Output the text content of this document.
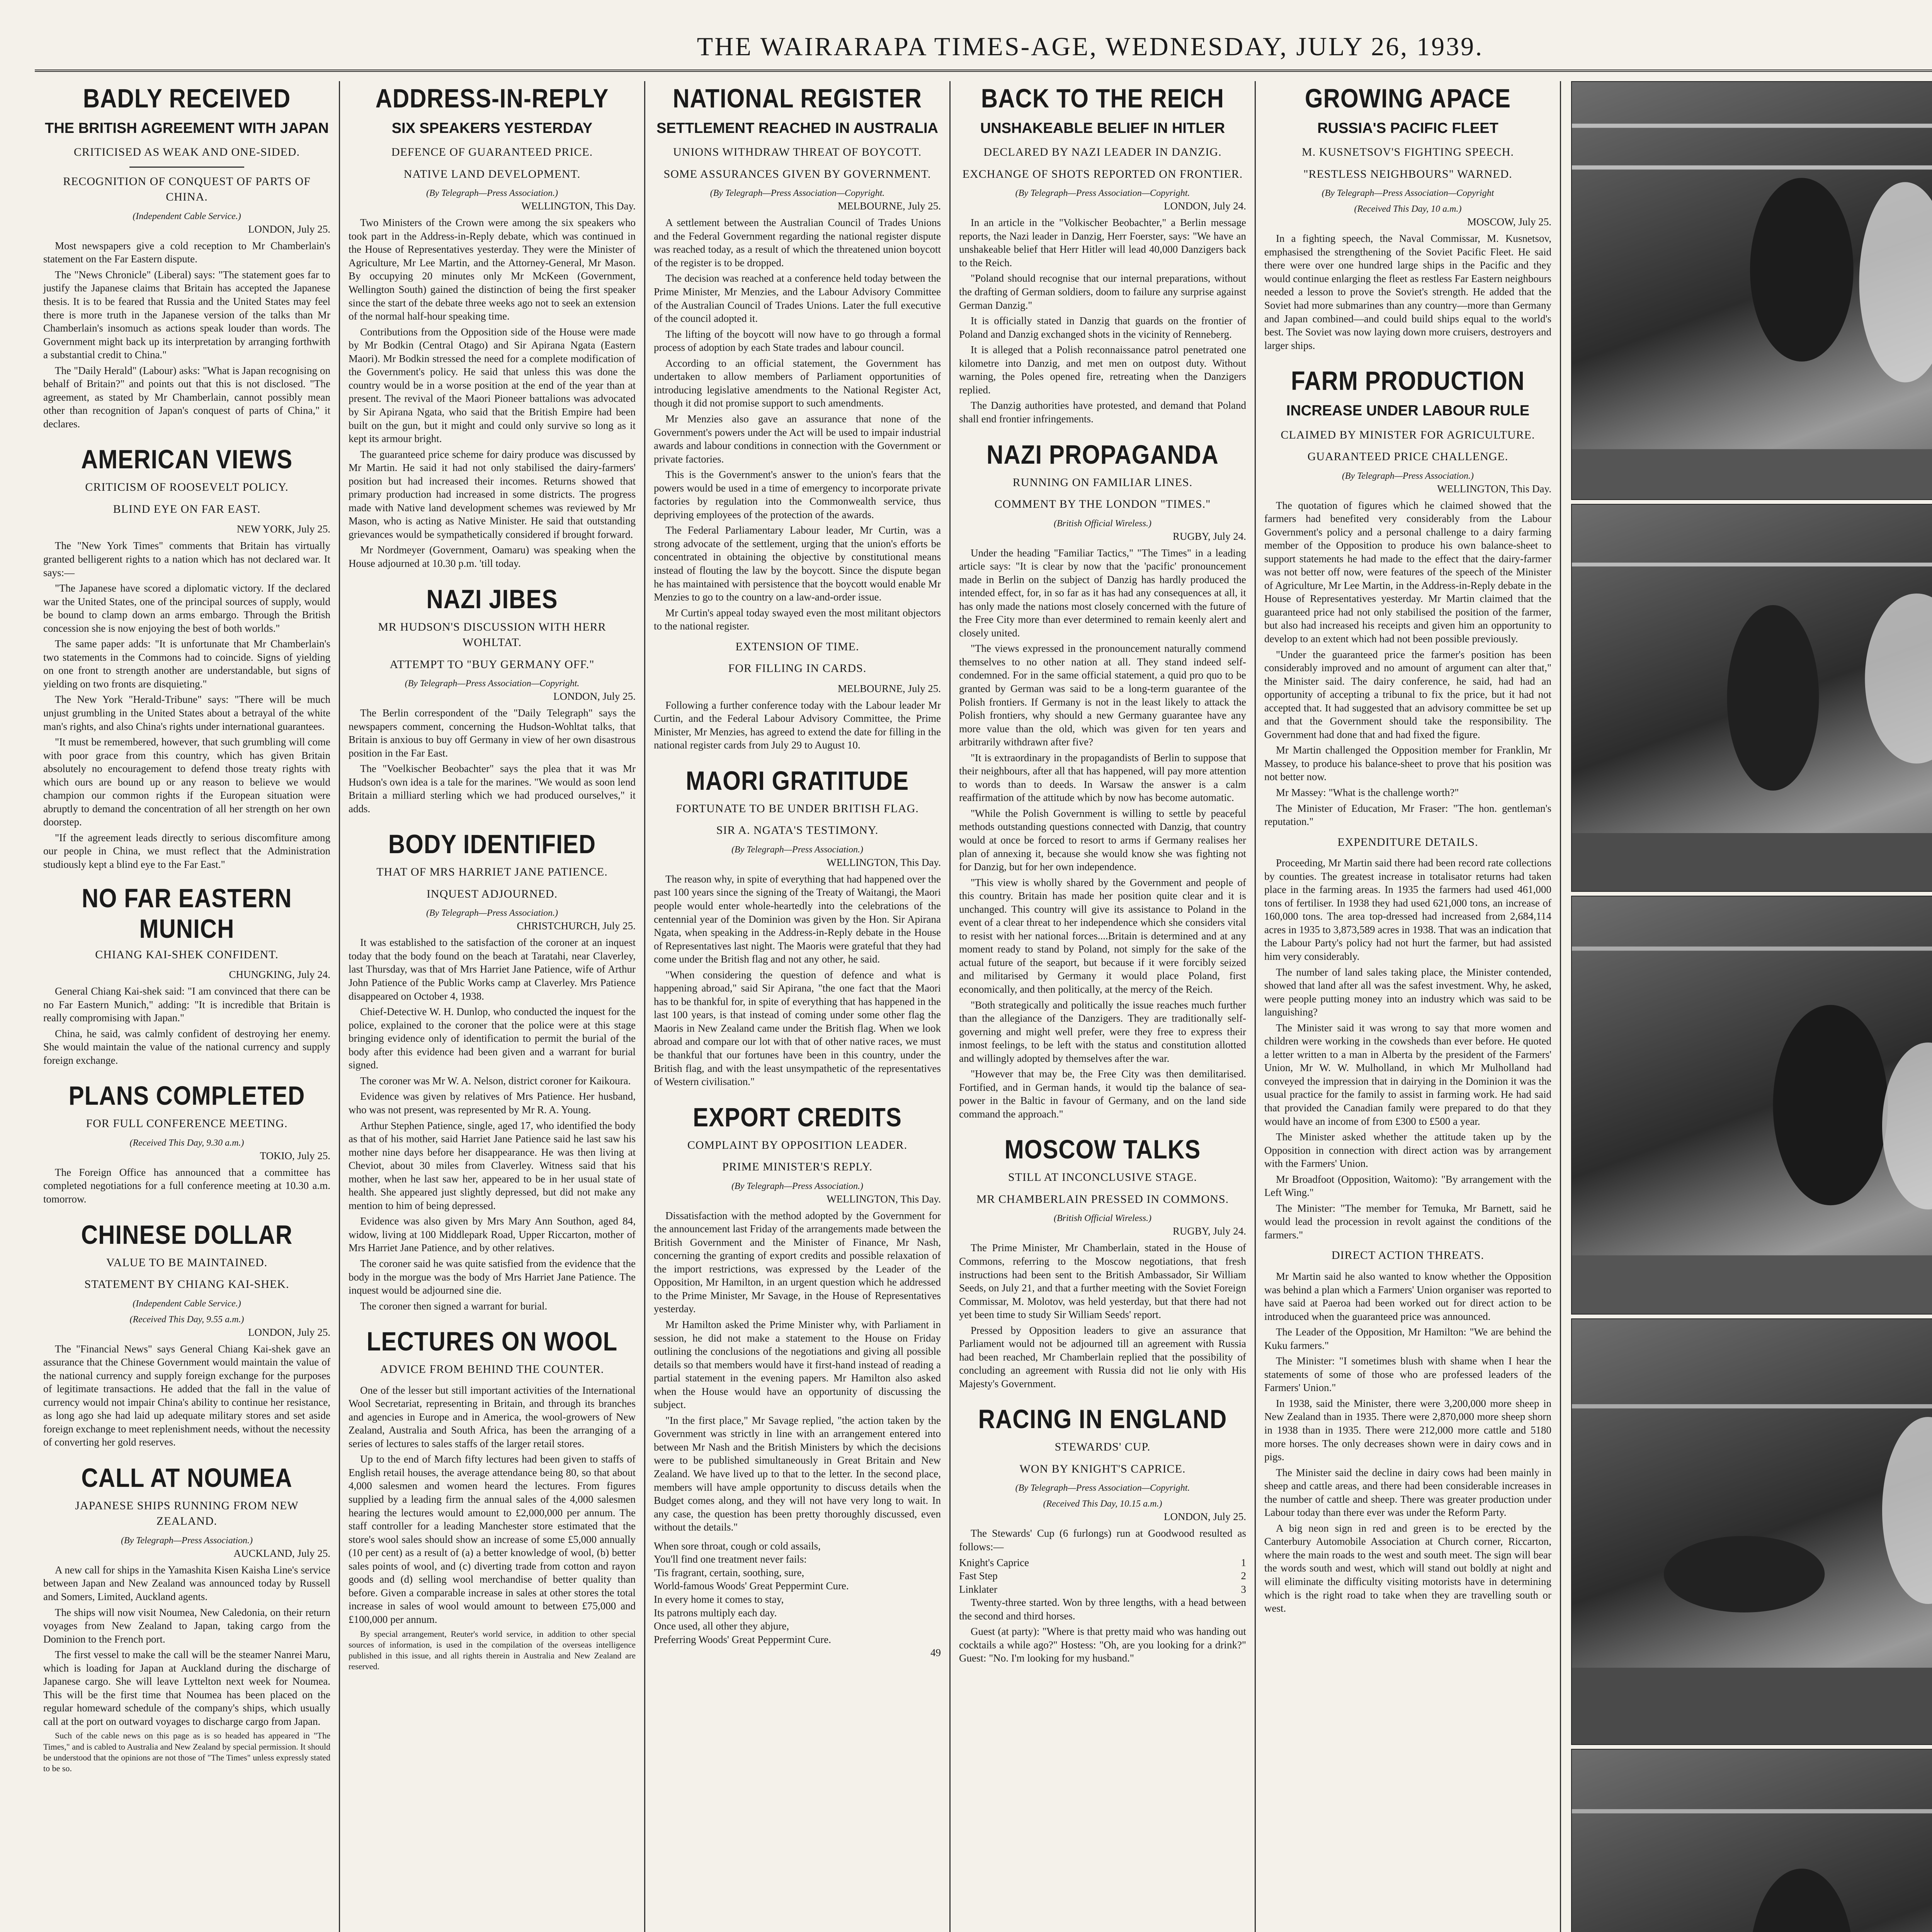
THE WAIRARAPA TIMES-AGE, WEDNESDAY, JULY 26, 1939.
BADLY RECEIVED
THE BRITISH AGREEMENT WITH JAPAN
CRITICISED AS WEAK AND ONE-SIDED.
RECOGNITION OF CONQUEST OF PARTS OF CHINA.
(Independent Cable Service.)
LONDON, July 25.

Most newspapers give a cold reception to Mr Chamberlain's statement on the Far Eastern dispute.

The "News Chronicle" (Liberal) says: "The statement goes far to justify the Japanese claims that Britain has accepted the Japanese thesis. It is to be feared that Russia and the United States may feel there is more truth in the Japanese version of the talks than Mr Chamberlain's insomuch as actions speak louder than words. The Government might back up its interpretation by arranging forthwith a substantial credit to China."

The "Daily Herald" (Labour) asks: "What is Japan recognising on behalf of Britain?" and points out that this is not disclosed. "The agreement, as stated by Mr Chamberlain, cannot possibly mean other than recognition of Japan's conquest of parts of China," it declares.

AMERICAN VIEWS
CRITICISM OF ROOSEVELT POLICY.
BLIND EYE ON FAR EAST.
NEW YORK, July 25.

The "New York Times" comments that Britain has virtually granted belligerent rights to a nation which has not declared war. It says:—

"The Japanese have scored a diplomatic victory. If the declared war the United States, one of the principal sources of supply, would be bound to clamp down an arms embargo. Through the British concession she is now enjoying the best of both worlds."

The same paper adds: "It is unfortunate that Mr Chamberlain's two statements in the Commons had to coincide. Signs of yielding on one front to strength another are understandable, but signs of yielding on two fronts are disquieting."

The New York "Herald-Tribune" says: "There will be much unjust grumbling in the United States about a betrayal of the white man's rights, and also China's rights under international guarantees.

"It must be remembered, however, that such grumbling will come with poor grace from this country, which has given Britain absolutely no encouragement to defend those treaty rights with which ours are bound up or any reason to believe we would champion our common rights if the European situation were abruptly to demand the concentration of all her strength on her own doorstep.

"If the agreement leads directly to serious discomfiture among our people in China, we must reflect that the Administration studiously kept a blind eye to the Far East."

NO FAR EASTERN MUNICH
CHIANG KAI-SHEK CONFIDENT.
CHUNGKING, July 24.

General Chiang Kai-shek said: "I am convinced that there can be no Far Eastern Munich," adding: "It is incredible that Britain is really compromising with Japan."

China, he said, was calmly confident of destroying her enemy. She would maintain the value of the national currency and supply foreign exchange.

PLANS COMPLETED
FOR FULL CONFERENCE MEETING.
(Received This Day, 9.30 a.m.)
TOKIO, July 25.

The Foreign Office has announced that a committee has completed negotiations for a full conference meeting at 10.30 a.m. tomorrow.

CHINESE DOLLAR
VALUE TO BE MAINTAINED.
STATEMENT BY CHIANG KAI-SHEK.
(Independent Cable Service.)
(Received This Day, 9.55 a.m.)
LONDON, July 25.

The "Financial News" says General Chiang Kai-shek gave an assurance that the Chinese Government would maintain the value of the national currency and supply foreign exchange for the purposes of legitimate transactions. He added that the fall in the value of currency would not impair China's ability to continue her resistance, as long ago she had laid up adequate military stores and set aside foreign exchange to meet replenishment needs, without the necessity of converting her gold reserves.

CALL AT NOUMEA
JAPANESE SHIPS RUNNING FROM NEW ZEALAND.
(By Telegraph—Press Association.)
AUCKLAND, July 25.

A new call for ships in the Yamashita Kisen Kaisha Line's service between Japan and New Zealand was announced today by Russell and Somers, Limited, Auckland agents.

The ships will now visit Noumea, New Caledonia, on their return voyages from New Zealand to Japan, taking cargo from the Dominion to the French port.

The first vessel to make the call will be the steamer Nanrei Maru, which is loading for Japan at Auckland during the discharge of Japanese cargo. She will leave Lyttelton next week for Noumea. This will be the first time that Noumea has been placed on the regular homeward schedule of the company's ships, which usually call at the port on outward voyages to discharge cargo from Japan.

Such of the cable news on this page as is so headed has appeared in "The Times," and is cabled to Australia and New Zealand by special permission. It should be understood that the opinions are not those of "The Times" unless expressly stated to be so.

ADDRESS-IN-REPLY
SIX SPEAKERS YESTERDAY
DEFENCE OF GUARANTEED PRICE.
NATIVE LAND DEVELOPMENT.
(By Telegraph—Press Association.)
WELLINGTON, This Day.

Two Ministers of the Crown were among the six speakers who took part in the Address-in-Reply debate, which was continued in the House of Representatives yesterday. They were the Minister of Agriculture, Mr Lee Martin, and the Attorney-General, Mr Mason. By occupying 20 minutes only Mr McKeen (Government, Wellington South) gained the distinction of being the first speaker since the start of the debate three weeks ago not to seek an extension of the normal half-hour speaking time.

Contributions from the Opposition side of the House were made by Mr Bodkin (Central Otago) and Sir Apirana Ngata (Eastern Maori). Mr Bodkin stressed the need for a complete modification of the Government's policy. He said that unless this was done the country would be in a worse position at the end of the year than at present. The revival of the Maori Pioneer battalions was advocated by Sir Apirana Ngata, who said that the British Empire had been built on the gun, but it might and could only survive so long as it kept its armour bright.

The guaranteed price scheme for dairy produce was discussed by Mr Martin. He said it had not only stabilised the dairy-farmers' position but had increased their incomes. Returns showed that primary production had increased in some districts. The progress made with Native land development schemes was reviewed by Mr Mason, who is acting as Native Minister. He said that outstanding grievances would be sympathetically considered if brought forward.

Mr Nordmeyer (Government, Oamaru) was speaking when the House adjourned at 10.30 p.m. 'till today.

NAZI JIBES
MR HUDSON'S DISCUSSION WITH HERR WOHLTAT.
ATTEMPT TO "BUY GERMANY OFF."
(By Telegraph—Press Association—Copyright.
LONDON, July 25.

The Berlin correspondent of the "Daily Telegraph" says the newspapers comment, concerning the Hudson-Wohltat talks, that Britain is anxious to buy off Germany in view of her own disastrous position in the Far East.

The "Voelkischer Beobachter" says the plea that it was Mr Hudson's own idea is a tale for the marines. "We would as soon lend Britain a milliard sterling which we had produced ourselves," it adds.

BODY IDENTIFIED
THAT OF MRS HARRIET JANE PATIENCE.
INQUEST ADJOURNED.
(By Telegraph—Press Association.)
CHRISTCHURCH, July 25.

It was established to the satisfaction of the coroner at an inquest today that the body found on the beach at Taratahi, near Claverley, last Thursday, was that of Mrs Harriet Jane Patience, wife of Arthur John Patience of the Public Works camp at Claverley. Mrs Patience disappeared on October 4, 1938.

Chief-Detective W. H. Dunlop, who conducted the inquest for the police, explained to the coroner that the police were at this stage bringing evidence only of identification to permit the burial of the body after this evidence had been given and a warrant for burial signed.

The coroner was Mr W. A. Nelson, district coroner for Kaikoura.

Evidence was given by relatives of Mrs Patience. Her husband, who was not present, was represented by Mr R. A. Young.

Arthur Stephen Patience, single, aged 17, who identified the body as that of his mother, said Harriet Jane Patience said he last saw his mother nine days before her disappearance. He was then living at Cheviot, about 30 miles from Claverley. Witness said that his mother, when he last saw her, appeared to be in her usual state of health. She appeared just slightly depressed, but did not make any mention to him of being depressed.

Evidence was also given by Mrs Mary Ann Southon, aged 84, widow, living at 100 Middlepark Road, Upper Riccarton, mother of Mrs Harriet Jane Patience, and by other relatives.

The coroner said he was quite satisfied from the evidence that the body in the morgue was the body of Mrs Harriet Jane Patience. The inquest would be adjourned sine die.

The coroner then signed a warrant for burial.

LECTURES ON WOOL
ADVICE FROM BEHIND THE COUNTER.

One of the lesser but still important activities of the International Wool Secretariat, representing in Britain, and through its branches and agencies in Europe and in America, the wool-growers of New Zealand, Australia and South Africa, has been the arranging of a series of lectures to sales staffs of the larger retail stores.

Up to the end of March fifty lectures had been given to staffs of English retail houses, the average attendance being 80, so that about 4,000 salesmen and women heard the lectures. From figures supplied by a leading firm the annual sales of the 4,000 salesmen hearing the lectures would amount to £2,000,000 per annum. The staff controller for a leading Manchester store estimated that the store's wool sales should show an increase of some £5,000 annually (10 per cent) as a result of (a) a better knowledge of wool, (b) better sales points of wool, and (c) diverting trade from cotton and rayon goods and (d) selling wool merchandise of better quality than before. Given a comparable increase in sales at other stores the total increase in sales of wool would amount to between £75,000 and £100,000 per annum.

By special arrangement, Reuter's world service, in addition to other special sources of information, is used in the compilation of the overseas intelligence published in this issue, and all rights therein in Australia and New Zealand are reserved.

NATIONAL REGISTER
SETTLEMENT REACHED IN AUSTRALIA
UNIONS WITHDRAW THREAT OF BOYCOTT.
SOME ASSURANCES GIVEN BY GOVERNMENT.
(By Telegraph—Press Association—Copyright.
MELBOURNE, July 25.

A settlement between the Australian Council of Trades Unions and the Federal Government regarding the national register dispute was reached today, as a result of which the threatened union boycott of the register is to be dropped.

The decision was reached at a conference held today between the Prime Minister, Mr Menzies, and the Labour Advisory Committee of the Australian Council of Trades Unions. Later the full executive of the council adopted it.

The lifting of the boycott will now have to go through a formal process of adoption by each State trades and labour council.

According to an official statement, the Government has undertaken to allow members of Parliament opportunities of introducing legislative amendments to the National Register Act, though it did not promise support to such amendments.

Mr Menzies also gave an assurance that none of the Government's powers under the Act will be used to impair industrial awards and labour conditions in connection with the Government or private factories.

This is the Government's answer to the union's fears that the powers would be used in a time of emergency to incorporate private factories by regulation into the Commonwealth service, thus depriving employees of the protection of the awards.

The Federal Parliamentary Labour leader, Mr Curtin, was a strong advocate of the settlement, urging that the union's efforts be concentrated in obtaining the objective by constitutional means instead of flouting the law by the boycott. Since the dispute began he has maintained with persistence that the boycott would enable Mr Menzies to go to the country on a law-and-order issue.

Mr Curtin's appeal today swayed even the most militant objectors to the national register.

EXTENSION OF TIME.
FOR FILLING IN CARDS.
MELBOURNE, July 25.

Following a further conference today with the Labour leader Mr Curtin, and the Federal Labour Advisory Committee, the Prime Minister, Mr Menzies, has agreed to extend the date for filling in the national register cards from July 29 to August 10.

MAORI GRATITUDE
FORTUNATE TO BE UNDER BRITISH FLAG.
SIR A. NGATA'S TESTIMONY.
(By Telegraph—Press Association.)
WELLINGTON, This Day.

The reason why, in spite of everything that had happened over the past 100 years since the signing of the Treaty of Waitangi, the Maori people would enter whole-heartedly into the celebrations of the centennial year of the Dominion was given by the Hon. Sir Apirana Ngata, when speaking in the Address-in-Reply debate in the House of Representatives last night. The Maoris were grateful that they had come under the British flag and not any other, he said.

"When considering the question of defence and what is happening abroad," said Sir Apirana, "the one fact that the Maori has to be thankful for, in spite of everything that has happened in the last 100 years, is that instead of coming under some other flag the Maoris in New Zealand came under the British flag. When we look abroad and compare our lot with that of other native races, we must be thankful that our fortunes have been in this country, under the British flag, and with the least unsympathetic of the representatives of Western civilisation."

EXPORT CREDITS
COMPLAINT BY OPPOSITION LEADER.
PRIME MINISTER'S REPLY.
(By Telegraph—Press Association.)
WELLINGTON, This Day.

Dissatisfaction with the method adopted by the Government for the announcement last Friday of the arrangements made between the British Government and the Minister of Finance, Mr Nash, concerning the granting of export credits and possible relaxation of the import restrictions, was expressed by the Leader of the Opposition, Mr Hamilton, in an urgent question which he addressed to the Prime Minister, Mr Savage, in the House of Representatives yesterday.

Mr Hamilton asked the Prime Minister why, with Parliament in session, he did not make a statement to the House on Friday outlining the conclusions of the negotiations and giving all possible details so that members would have it first-hand instead of reading a partial statement in the evening papers. Mr Hamilton also asked when the House would have an opportunity of discussing the subject.

"In the first place," Mr Savage replied, "the action taken by the Government was strictly in line with an arrangement entered into between Mr Nash and the British Ministers by which the decisions were to be published simultaneously in Great Britain and New Zealand. We have lived up to that to the letter. In the second place, members will have ample opportunity to discuss details when the Budget comes along, and they will not have very long to wait. In any case, the question has been pretty thoroughly discussed, even without the details."

When sore throat, cough or cold assails,
You'll find one treatment never fails:
'Tis fragrant, certain, soothing, sure,
World-famous Woods' Great Peppermint Cure.
In every home it comes to stay,
Its patrons multiply each day.
Once used, all other they abjure,
Preferring Woods' Great Peppermint Cure.
49
BACK TO THE REICH
UNSHAKEABLE BELIEF IN HITLER
DECLARED BY NAZI LEADER IN DANZIG.
EXCHANGE OF SHOTS REPORTED ON FRONTIER.
(By Telegraph—Press Association—Copyright.
LONDON, July 24.

In an article in the "Volkischer Beobachter," a Berlin message reports, the Nazi leader in Danzig, Herr Foerster, says: "We have an unshakeable belief that Herr Hitler will lead 40,000 Danzigers back to the Reich.

"Poland should recognise that our internal preparations, without the drafting of German soldiers, doom to failure any surprise against German Danzig."

It is officially stated in Danzig that guards on the frontier of Poland and Danzig exchanged shots in the vicinity of Renneberg.

It is alleged that a Polish reconnaissance patrol penetrated one kilometre into Danzig, and met men on outpost duty. Without warning, the Poles opened fire, retreating when the Danzigers replied.

The Danzig authorities have protested, and demand that Poland shall end frontier infringements.

NAZI PROPAGANDA
RUNNING ON FAMILIAR LINES.
COMMENT BY THE LONDON "TIMES."
(British Official Wireless.)
RUGBY, July 24.

Under the heading "Familiar Tactics," "The Times" in a leading article says: "It is clear by now that the 'pacific' pronouncement made in Berlin on the subject of Danzig has hardly produced the intended effect, for, in so far as it has had any consequences at all, it has only made the nations most closely concerned with the future of the Free City more than ever determined to remain keenly alert and closely united.

"The views expressed in the pronouncement naturally commend themselves to no other nation at all. They stand indeed self-condemned. For in the same official statement, a quid pro quo to be granted by German was said to be a long-term guarantee of the Polish frontiers. If Germany is not in the least likely to attack the Polish frontiers, why should a new Germany guarantee have any more value than the old, which was given for ten years and arbitrarily withdrawn after five?

"It is extraordinary in the propagandists of Berlin to suppose that their neighbours, after all that has happened, will pay more attention to words than to deeds. In Warsaw the answer is a calm reaffirmation of the attitude which by now has become automatic.

"While the Polish Government is willing to settle by peaceful methods outstanding questions connected with Danzig, that country would at once be forced to resort to arms if Germany realises her plan of annexing it, because she would know she was fighting not for Danzig, but for her own independence.

"This view is wholly shared by the Government and people of this country. Britain has made her position quite clear and it is unchanged. This country will give its assistance to Poland in the event of a clear threat to her independence which she considers vital to resist with her national forces....Britain is determined and at any moment ready to stand by Poland, not simply for the sake of the actual future of the seaport, but because if it were forcibly seized and militarised by Germany it would place Poland, first economically, and then politically, at the mercy of the Reich.

"Both strategically and politically the issue reaches much further than the allegiance of the Danzigers. They are traditionally self-governing and might well prefer, were they free to express their inmost feelings, to be left with the status and constitution allotted and willingly adopted by themselves after the war.

"However that may be, the Free City was then demilitarised. Fortified, and in German hands, it would tip the balance of sea-power in the Baltic in favour of Germany, and on the land side command the approach."

MOSCOW TALKS
STILL AT INCONCLUSIVE STAGE.
MR CHAMBERLAIN PRESSED IN COMMONS.
(British Official Wireless.)
RUGBY, July 24.

The Prime Minister, Mr Chamberlain, stated in the House of Commons, referring to the Moscow negotiations, that fresh instructions had been sent to the British Ambassador, Sir William Seeds, on July 21, and that a further meeting with the Soviet Foreign Commissar, M. Molotov, was held yesterday, but that there had not yet been time to study Sir William Seeds' report.

Pressed by Opposition leaders to give an assurance that Parliament would not be adjourned till an agreement with Russia had been reached, Mr Chamberlain replied that the possibility of concluding an agreement with Russia did not lie only with His Majesty's Government.

RACING IN ENGLAND
STEWARDS' CUP.
WON BY KNIGHT'S CAPRICE.
(By Telegraph—Press Association—Copyright.
(Received This Day, 10.15 a.m.)
LONDON, July 25.

The Stewards' Cup (6 furlongs) run at Goodwood resulted as follows:—

Knight's Caprice	1
Fast Step	2
Linklater	3

Twenty-three started. Won by three lengths, with a head between the second and third horses.

Guest (at party): "Where is that pretty maid who was handing out cocktails a while ago?" Hostess: "Oh, are you looking for a drink?" Guest: "No. I'm looking for my husband."

GROWING APACE
RUSSIA'S PACIFIC FLEET
M. KUSNETSOV'S FIGHTING SPEECH.
"RESTLESS NEIGHBOURS" WARNED.
(By Telegraph—Press Association—Copyright
(Received This Day, 10 a.m.)
MOSCOW, July 25.

In a fighting speech, the Naval Commissar, M. Kusnetsov, emphasised the strengthening of the Soviet Pacific Fleet. He said there were over one hundred large ships in the Pacific and they would continue enlarging the fleet as restless Far Eastern neighbours needed a lesson to prove the Soviet's strength. He added that the Soviet had more submarines than any country—more than Germany and Japan combined—and could build ships equal to the world's best. The Soviet was now laying down more cruisers, destroyers and larger ships.

FARM PRODUCTION
INCREASE UNDER LABOUR RULE
CLAIMED BY MINISTER FOR AGRICULTURE.
GUARANTEED PRICE CHALLENGE.
(By Telegraph—Press Association.)
WELLINGTON, This Day.

The quotation of figures which he claimed showed that the farmers had benefited very considerably from the Labour Government's policy and a personal challenge to a dairy farming member of the Opposition to produce his own balance-sheet to support statements he had made to the effect that the dairy-farmer was not better off now, were features of the speech of the Minister of Agriculture, Mr Lee Martin, in the Address-in-Reply debate in the House of Representatives yesterday. Mr Martin claimed that the guaranteed price had not only stabilised the position of the farmer, but also had increased his receipts and given him an opportunity to develop to an extent which had not been possible previously.

"Under the guaranteed price the farmer's position has been considerably improved and no amount of argument can alter that," the Minister said. The dairy conference, he said, had had an opportunity of accepting a tribunal to fix the price, but it had not accepted that. It had suggested that an advisory committee be set up and that the Government should take the responsibility. The Government had done that and had fixed the figure.

Mr Martin challenged the Opposition member for Franklin, Mr Massey, to produce his balance-sheet to prove that his position was not better now.

Mr Massey: "What is the challenge worth?"

The Minister of Education, Mr Fraser: "The hon. gentleman's reputation."

EXPENDITURE DETAILS.

Proceeding, Mr Martin said there had been record rate collections by counties. The greatest increase in totalisator returns had taken place in the farming areas. In 1935 the farmers had used 461,000 tons of fertiliser. In 1938 they had used 621,000 tons, an increase of 160,000 tons. The area top-dressed had increased from 2,684,114 acres in 1935 to 3,873,589 acres in 1938. That was an indication that the Labour Party's policy had not hurt the farmer, but had assisted him very considerably.

The number of land sales taking place, the Minister contended, showed that land after all was the safest investment. Why, he asked, were people putting money into an industry which was said to be languishing?

The Minister said it was wrong to say that more women and children were working in the cowsheds than ever before. He quoted a letter written to a man in Alberta by the president of the Farmers' Union, Mr W. W. Mulholland, in which Mr Mulholland had conveyed the impression that in dairying in the Dominion it was the usual practice for the family to assist in farming work. He had said that provided the Canadian family were prepared to do that they would have an income of from £300 to £500 a year.

The Minister asked whether the attitude taken up by the Opposition in connection with direct action was by arrangement with the Farmers' Union.

Mr Broadfoot (Opposition, Waitomo): "By arrangement with the Left Wing."

The Minister: "The member for Temuka, Mr Barnett, said he would lead the procession in revolt against the conditions of the farmers."

DIRECT ACTION THREATS.

Mr Martin said he also wanted to know whether the Opposition was behind a plan which a Farmers' Union organiser was reported to have said at Paeroa had been worked out for direct action to be introduced when the guaranteed price was announced.

The Leader of the Opposition, Mr Hamilton: "We are behind the Kuku farmers."

The Minister: "I sometimes blush with shame when I hear the statements of some of those who are professed leaders of the Farmers' Union."

In 1938, said the Minister, there were 3,200,000 more sheep in New Zealand than in 1935. There were 2,870,000 more sheep shorn in 1938 than in 1935. There were 212,000 more cattle and 5180 more horses. The only decreases shown were in dairy cows and in pigs.

The Minister said the decline in dairy cows had been mainly in sheep and cattle areas, and there had been considerable increases in the number of cattle and sheep. There was greater production under Labour today than there ever was under the Reform Party.

A big neon sign in red and green is to be erected by the Canterbury Automobile Association at Church corner, Riccarton, where the main roads to the west and south meet. The sign will bear the words south and west, which will stand out boldly at night and will eliminate the difficulty visiting motorists have in determining which is the right road to take when they are travelling south or west.
